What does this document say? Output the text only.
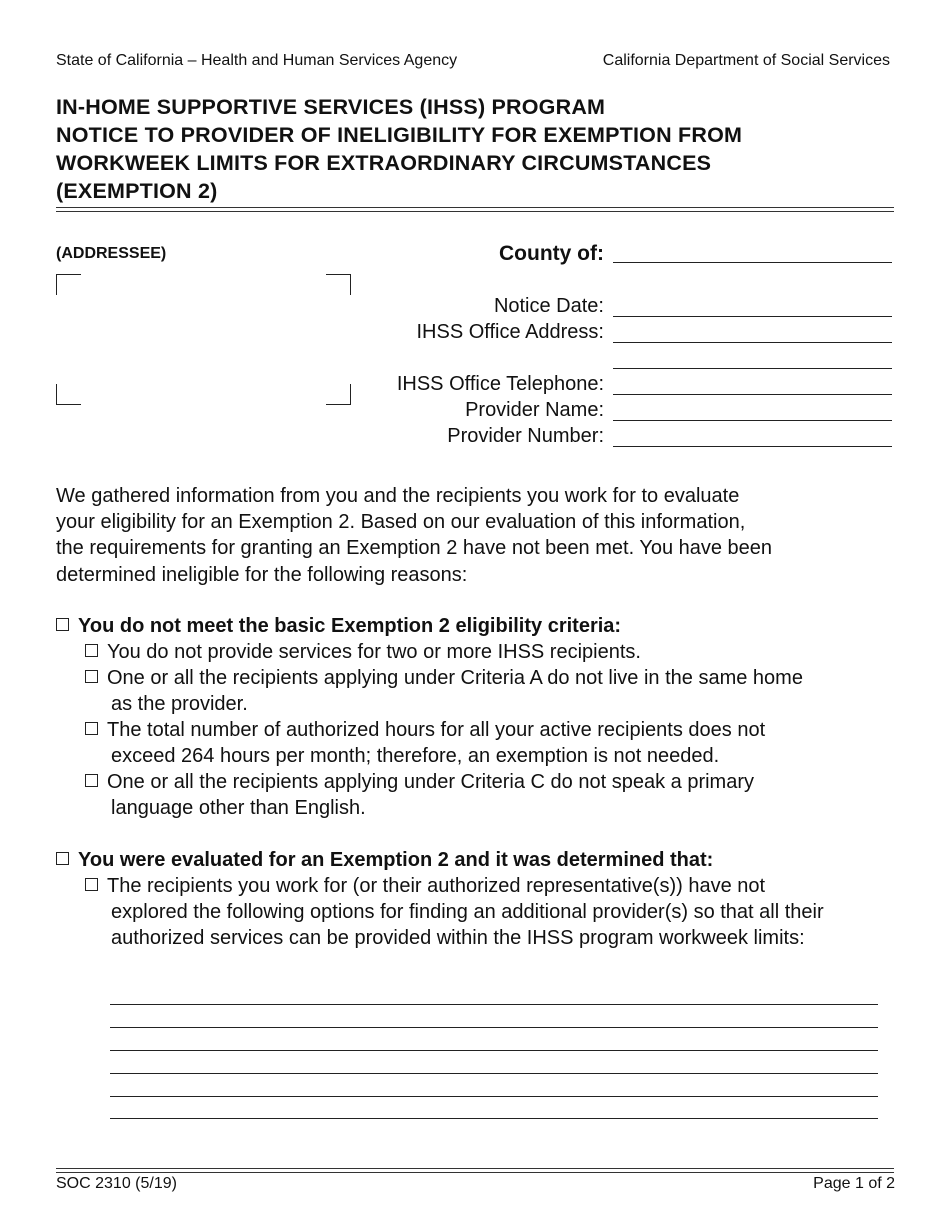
State of California – Health and Human Services Agency	California Department of Social Services
IN-HOME SUPPORTIVE SERVICES (IHSS) PROGRAM
NOTICE TO PROVIDER OF INELIGIBILITY FOR EXEMPTION FROM
WORKWEEK LIMITS FOR EXTRAORDINARY CIRCUMSTANCES
(EXEMPTION 2)
(ADDRESSEE)	County of:
Notice Date:
IHSS Office Address:
IHSS Office Telephone:
Provider Name:
Provider Number:
We gathered information from you and the recipients you work for to evaluate
your eligibility for an Exemption 2. Based on our evaluation of this information,
the requirements for granting an Exemption 2 have not been met. You have been
determined ineligible for the following reasons:
You do not meet the basic Exemption 2 eligibility criteria:
You do not provide services for two or more IHSS recipients.
One or all the recipients applying under Criteria A do not live in the same home
as the provider.
The total number of authorized hours for all your active recipients does not
exceed 264 hours per month; therefore, an exemption is not needed.
One or all the recipients applying under Criteria C do not speak a primary
language other than English.
You were evaluated for an Exemption 2 and it was determined that:
The recipients you work for (or their authorized representative(s)) have not
explored the following options for finding an additional provider(s) so that all their
authorized services can be provided within the IHSS program workweek limits:
SOC 2310 (5/19)	Page 1 of 2
